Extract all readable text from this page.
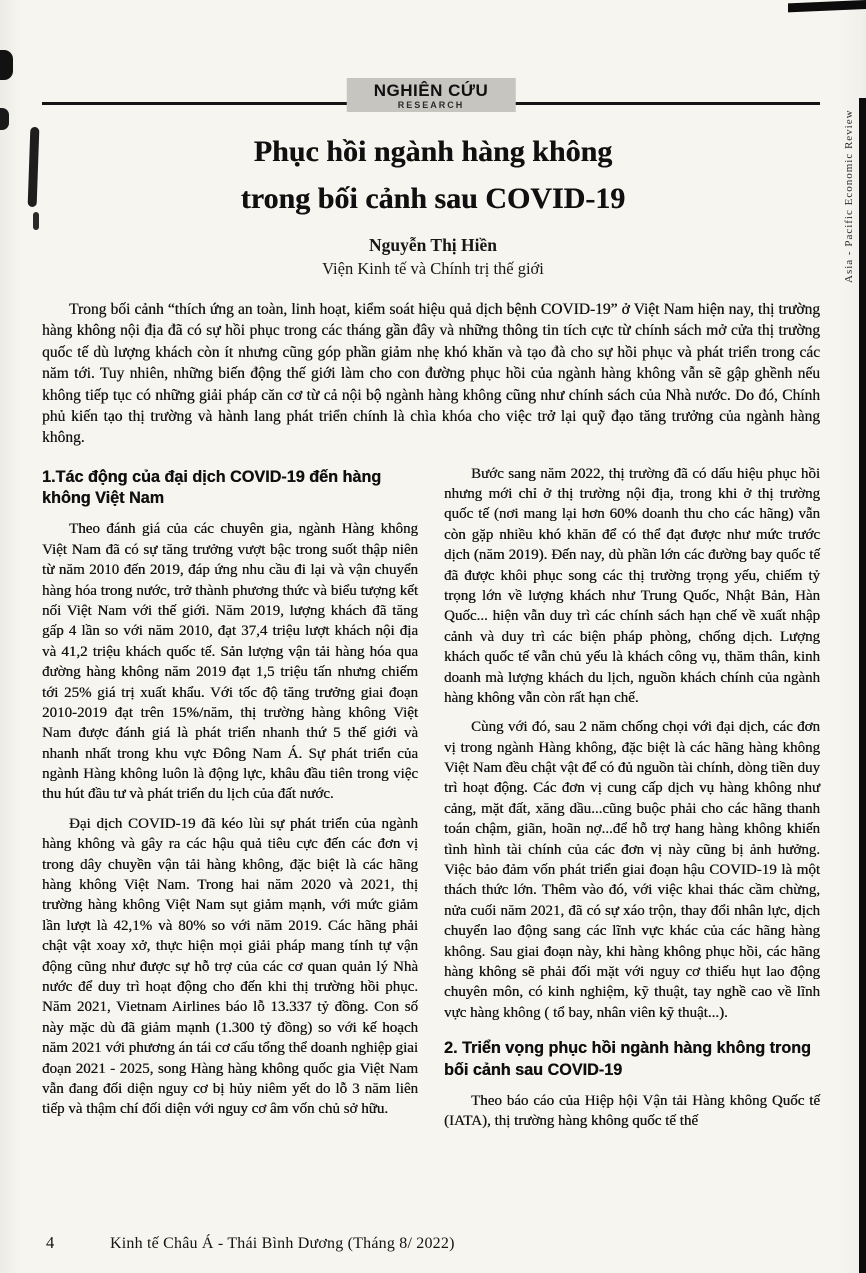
Asia - Pacific Economic Review
NGHIÊN CỨU
RESEARCH
Phục hồi ngành hàng không
trong bối cảnh sau COVID-19
Nguyễn Thị Hiền
Viện Kinh tế và Chính trị thế giới
Trong bối cảnh “thích ứng an toàn, linh hoạt, kiểm soát hiệu quả dịch bệnh COVID-19” ở Việt Nam hiện nay, thị trường hàng không nội địa đã có sự hồi phục trong các tháng gần đây và những thông tin tích cực từ chính sách mở cửa thị trường quốc tế dù lượng khách còn ít nhưng cũng góp phần giảm nhẹ khó khăn và tạo đà cho sự hồi phục và phát triển trong các năm tới. Tuy nhiên, những biến động thế giới làm cho con đường phục hồi của ngành hàng không vẫn sẽ gập ghềnh nếu không tiếp tục có những giải pháp căn cơ từ cả nội bộ ngành hàng không cũng như chính sách của Nhà nước. Do đó, Chính phủ kiến tạo thị trường và hành lang phát triển chính là chìa khóa cho việc trở lại quỹ đạo tăng trưởng của ngành hàng không.
1.Tác động của đại dịch COVID-19 đến hàng không Việt Nam

Theo đánh giá của các chuyên gia, ngành Hàng không Việt Nam đã có sự tăng trưởng vượt bậc trong suốt thập niên từ năm 2010 đến 2019, đáp ứng nhu cầu đi lại và vận chuyển hàng hóa trong nước, trở thành phương thức và biểu tượng kết nối Việt Nam với thế giới. Năm 2019, lượng khách đã tăng gấp 4 lần so với năm 2010, đạt 37,4 triệu lượt khách nội địa và 41,2 triệu khách quốc tế. Sản lượng vận tải hàng hóa qua đường hàng không năm 2019 đạt 1,5 triệu tấn nhưng chiếm tới 25% giá trị xuất khẩu. Với tốc độ tăng trưởng giai đoạn 2010-2019 đạt trên 15%/năm, thị trường hàng không Việt Nam được đánh giá là phát triển nhanh thứ 5 thế giới và nhanh nhất trong khu vực Đông Nam Á. Sự phát triển của ngành Hàng không luôn là động lực, khâu đầu tiên trong việc thu hút đầu tư và phát triển du lịch của đất nước.

Đại dịch COVID-19 đã kéo lùi sự phát triển của ngành hàng không và gây ra các hậu quả tiêu cực đến các đơn vị trong dây chuyền vận tải hàng không, đặc biệt là các hãng hàng không Việt Nam. Trong hai năm 2020 và 2021, thị trường hàng không Việt Nam sụt giảm mạnh, với mức giảm lần lượt là 42,1% và 80% so với năm 2019. Các hãng phải chật vật xoay xở, thực hiện mọi giải pháp mang tính tự vận động cũng như được sự hỗ trợ của các cơ quan quản lý Nhà nước để duy trì hoạt động cho đến khi thị trường hồi phục. Năm 2021, Vietnam Airlines báo lỗ 13.337 tỷ đồng. Con số này mặc dù đã giảm mạnh (1.300 tỷ đồng) so với kế hoạch năm 2021 với phương án tái cơ cấu tổng thể doanh nghiệp giai đoạn 2021 - 2025, song Hàng hàng không quốc gia Việt Nam vẫn đang đối diện nguy cơ bị hủy niêm yết do lỗ 3 năm liên tiếp và thậm chí đối diện với nguy cơ âm vốn chủ sở hữu.

Bước sang năm 2022, thị trường đã có dấu hiệu phục hồi nhưng mới chỉ ở thị trường nội địa, trong khi ở thị trường quốc tế (nơi mang lại hơn 60% doanh thu cho các hãng) vẫn còn gặp nhiều khó khăn để có thể đạt được như mức trước dịch (năm 2019). Đến nay, dù phần lớn các đường bay quốc tế đã được khôi phục song các thị trường trọng yếu, chiếm tỷ trọng lớn về lượng khách như Trung Quốc, Nhật Bản, Hàn Quốc... hiện vẫn duy trì các chính sách hạn chế về xuất nhập cảnh và duy trì các biện pháp phòng, chống dịch. Lượng khách quốc tế vẫn chủ yếu là khách công vụ, thăm thân, kinh doanh mà lượng khách du lịch, nguồn khách chính của ngành hàng không vẫn còn rất hạn chế.

Cùng với đó, sau 2 năm chống chọi với đại dịch, các đơn vị trong ngành Hàng không, đặc biệt là các hãng hàng không Việt Nam đều chật vật để có đủ nguồn tài chính, dòng tiền duy trì hoạt động. Các đơn vị cung cấp dịch vụ hàng không như cảng, mặt đất, xăng dầu...cũng buộc phải cho các hãng thanh toán chậm, giãn, hoãn nợ...để hỗ trợ hang hàng không khiến tình hình tài chính của các đơn vị này cũng bị ảnh hưởng. Việc bảo đảm vốn phát triển giai đoạn hậu COVID-19 là một thách thức lớn. Thêm vào đó, với việc khai thác cầm chừng, nửa cuối năm 2021, đã có sự xáo trộn, thay đổi nhân lực, dịch chuyển lao động sang các lĩnh vực khác của các hãng hàng không. Sau giai đoạn này, khi hàng không phục hồi, các hãng hàng không sẽ phải đối mặt với nguy cơ thiếu hụt lao động chuyên môn, có kinh nghiệm, kỹ thuật, tay nghề cao về lĩnh vực hàng không ( tổ bay, nhân viên kỹ thuật...).

2. Triển vọng phục hồi ngành hàng không trong bối cảnh sau COVID-19

Theo báo cáo của Hiệp hội Vận tải Hàng không Quốc tế (IATA), thị trường hàng không quốc tế thế

4	Kinh tế Châu Á - Thái Bình Dương (Tháng 8/ 2022)
